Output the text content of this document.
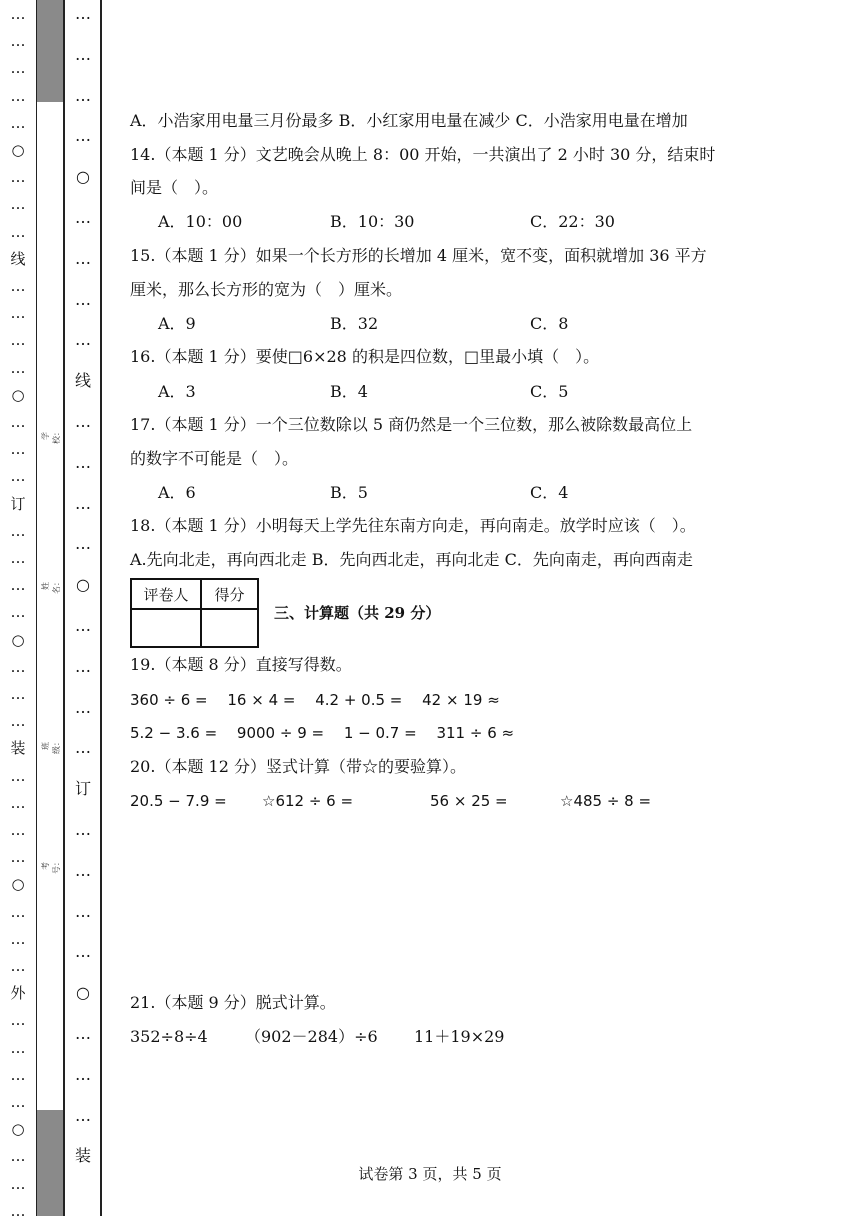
…
…
…
…
…
○
…
…
…
线
…
…
…
…
○
…
…
…
订
…
…
…
…
○
…
…
…
装
…
…
…
…
○
…
…
…
外
…
…
…
…
○
…
…
…
学校：
姓名：
班级：
考号：
…
…
…
…
○
…
…
…
…
线
…
…
…
…
○
…
…
…
…
订
…
…
…
…
○
…
…
…
装
A．小浩家用电量三月份最多 B．小红家用电量在减少 C．小浩家用电量在增加
14.（本题 1 分）文艺晚会从晚上 8：00 开始，一共演出了 2 小时 30 分，结束时
间是（　）。
A．10：00	B．10：30	C．22：30
15.（本题 1 分）如果一个长方形的长增加 4 厘米，宽不变，面积就增加 36 平方
厘米，那么长方形的宽为（　）厘米。
A．9	B．32	C．8
16.（本题 1 分）要使□6×28 的积是四位数，□里最小填（　）。
A．3	B．4	C．5
17.（本题 1 分）一个三位数除以 5 商仍然是一个三位数，那么被除数最高位上
的数字不可能是（　）。
A．6	B．5	C．4
18.（本题 1 分）小明每天上学先往东南方向走，再向南走。放学时应该（　）。
A.先向北走，再向西北走 B．先向西北走，再向北走 C．先向南走，再向西南走
评卷人	得分

三、计算题（共 29 分）
19.（本题 8 分）直接写得数。
360 ÷ 6 =　 16 × 4 =　 4.2 + 0.5 =　 42 × 19 ≈
5.2 − 3.6 =　 9000 ÷ 9 =　 1 − 0.7 =　 311 ÷ 6 ≈
20.（本题 12 分）竖式计算（带☆的要验算）。
20.5 − 7.9 = ☆612 ÷ 6 =	56 × 25 =	☆485 ÷ 8 =
21.（本题 9 分）脱式计算。
352÷8÷4 （902－284）÷6 11＋19×29
试卷第 3 页，共 5 页
